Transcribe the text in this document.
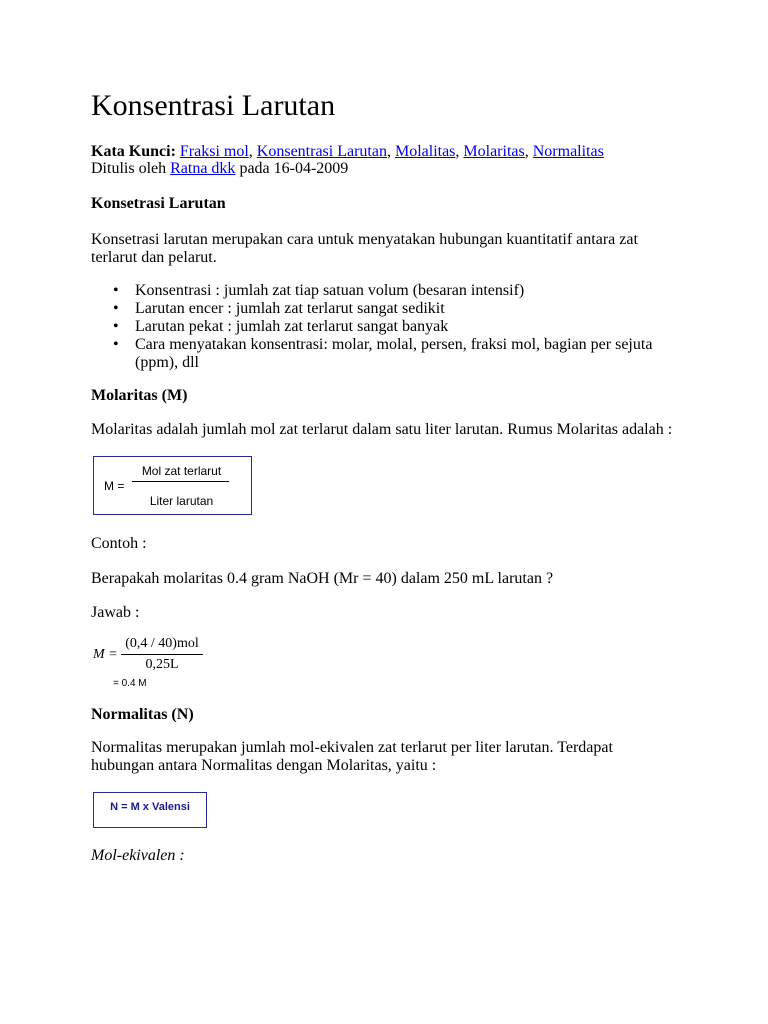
Konsentrasi Larutan
Kata Kunci: Fraksi mol, Konsentrasi Larutan, Molalitas, Molaritas, Normalitas
Ditulis oleh Ratna dkk pada 16-04-2009
Konsetrasi Larutan
Konsetrasi larutan merupakan cara untuk menyatakan hubungan kuantitatif antara zat terlarut dan pelarut.
• Konsentrasi : jumlah zat tiap satuan volum (besaran intensif)
• Larutan encer : jumlah zat terlarut sangat sedikit
• Larutan pekat : jumlah zat terlarut sangat banyak
• Cara menyatakan konsentrasi: molar, molal, persen, fraksi mol, bagian per sejuta (ppm), dll
Molaritas (M)
Molaritas adalah jumlah mol zat terlarut dalam satu liter larutan. Rumus Molaritas adalah :
M =
Mol zat terlarut
Liter larutan
Contoh :
Berapakah molaritas 0.4 gram NaOH (Mr = 40) dalam 250 mL larutan ?
Jawab :
M =
(0,4 / 40)mol
0,25L
= 0.4 M
Normalitas (N)
Normalitas merupakan jumlah mol-ekivalen zat terlarut per liter larutan. Terdapat hubungan antara Normalitas dengan Molaritas, yaitu :
N = M x Valensi
Mol-ekivalen :
